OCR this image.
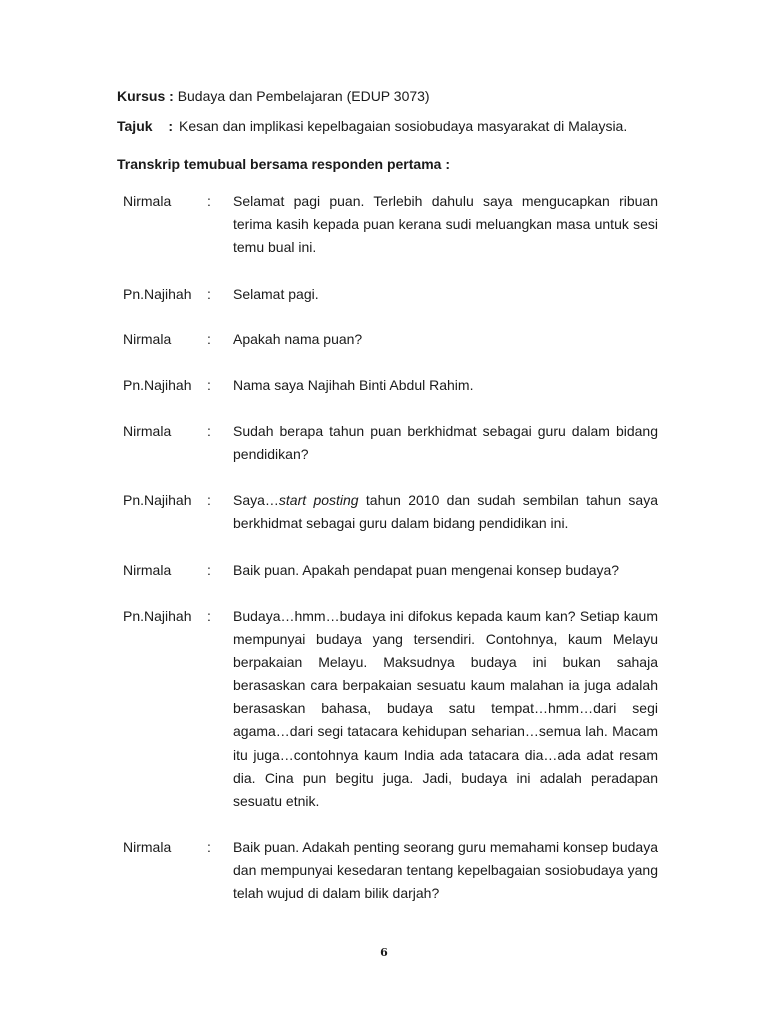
Kursus : Budaya dan Pembelajaran (EDUP 3073)
Tajuk : Kesan dan implikasi kepelbagaian sosiobudaya masyarakat di Malaysia.
Transkrip temubual bersama responden pertama :
Nirmala	: Selamat pagi puan. Terlebih dahulu saya mengucapkan ribuan terima kasih kepada puan kerana sudi meluangkan masa untuk sesi temu bual ini.
Pn.Najihah : Selamat pagi.
Nirmala	: Apakah nama puan?
Pn.Najihah : Nama saya Najihah Binti Abdul Rahim.
Nirmala	: Sudah berapa tahun puan berkhidmat sebagai guru dalam bidang pendidikan?
Pn.Najihah : Saya…start posting tahun 2010 dan sudah sembilan tahun saya berkhidmat sebagai guru dalam bidang pendidikan ini.
Nirmala	: Baik puan. Apakah pendapat puan mengenai konsep budaya?
Pn.Najihah : Budaya…hmm…budaya ini difokus kepada kaum kan? Setiap kaum mempunyai budaya yang tersendiri. Contohnya, kaum Melayu berpakaian Melayu. Maksudnya budaya ini bukan sahaja berasaskan cara berpakaian sesuatu kaum malahan ia juga adalah berasaskan bahasa, budaya satu tempat…hmm…dari segi agama…dari segi tatacara kehidupan seharian…semua lah. Macam itu juga…contohnya kaum India ada tatacara dia…ada adat resam dia. Cina pun begitu juga. Jadi, budaya ini adalah peradapan sesuatu etnik.
Nirmala	: Baik puan. Adakah penting seorang guru memahami konsep budaya dan mempunyai kesedaran tentang kepelbagaian sosiobudaya yang telah wujud di dalam bilik darjah?
6
